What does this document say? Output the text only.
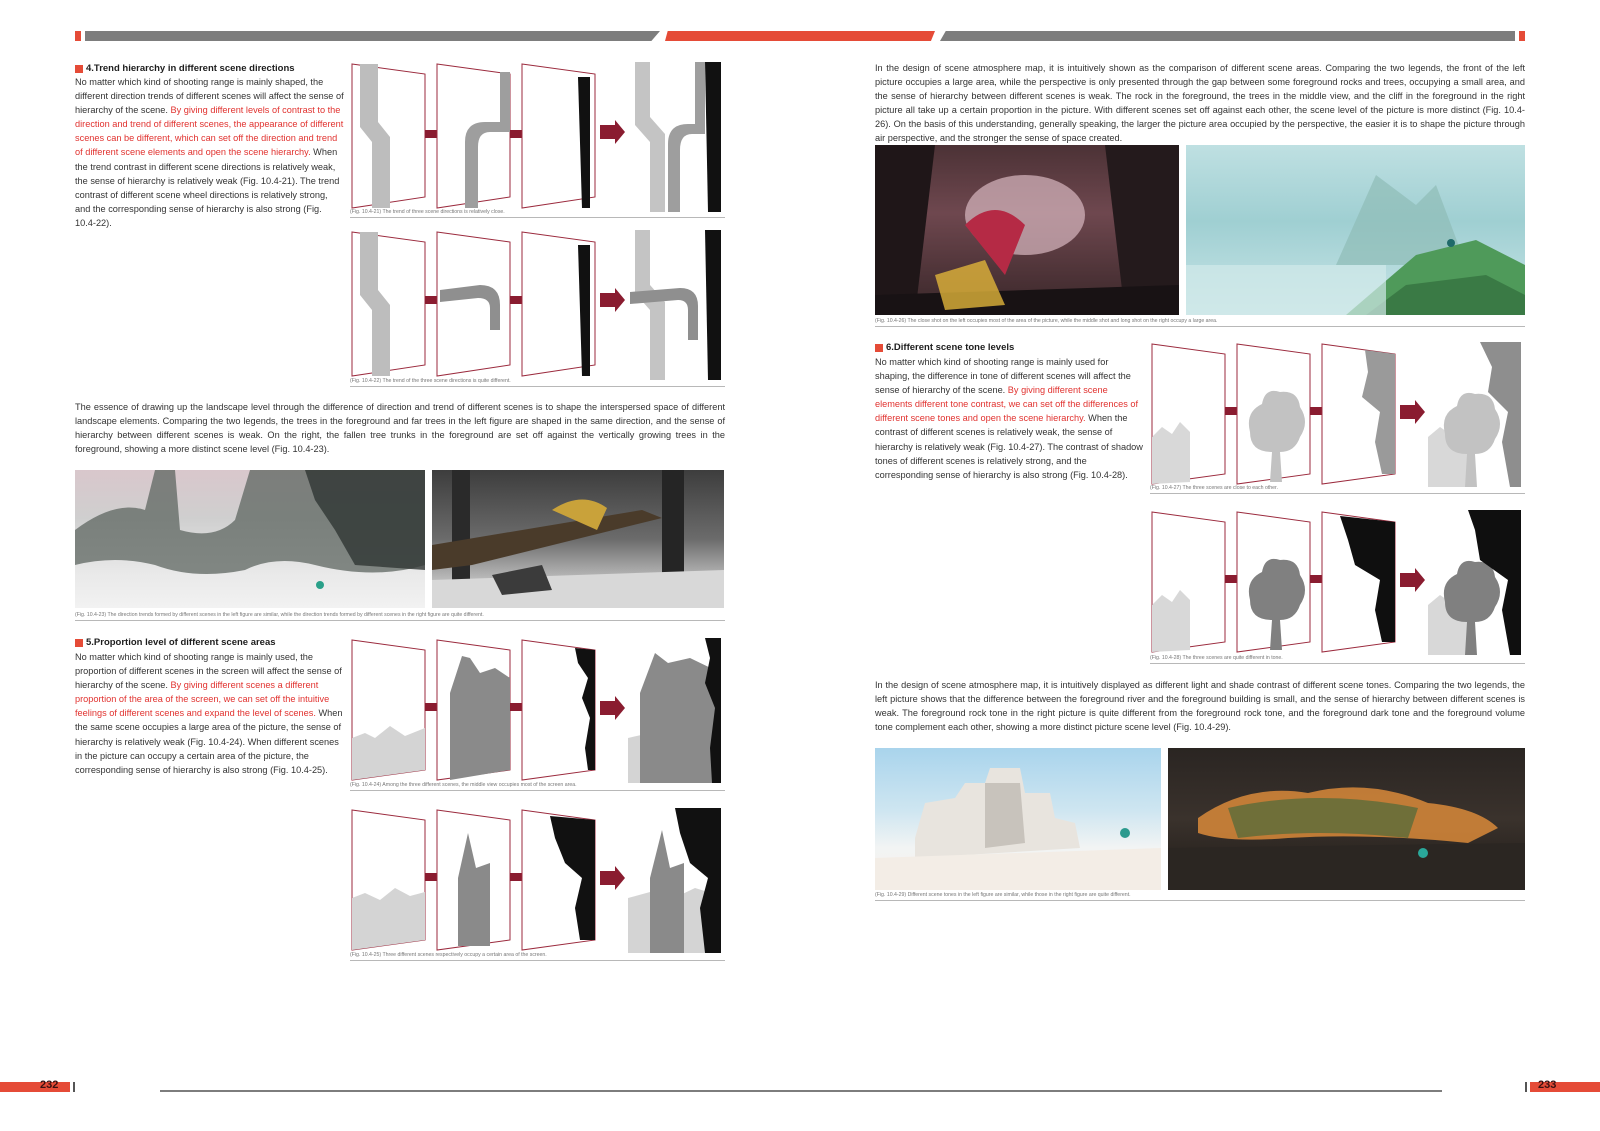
4.Trend hierarchy in different scene directions
No matter which kind of shooting range is mainly shaped, the different direction trends of different scenes will affect the sense of hierarchy of the scene. By giving different levels of contrast to the direction and trend of different scenes, the appearance of different scenes can be different, which can set off the direction and trend of different scene elements and open the scene hierarchy. When the trend contrast in different scene directions is relatively weak, the sense of hierarchy is relatively weak (Fig. 10.4-21). The trend contrast of different scene wheel directions is relatively strong, and the corresponding sense of hierarchy is also strong (Fig. 10.4-22).
(Fig. 10.4-21) The trend of three scene directions is relatively close.
(Fig. 10.4-22) The trend of the three scene directions is quite different.
The essence of drawing up the landscape level through the difference of direction and trend of different scenes is to shape the interspersed space of different landscape elements. Comparing the two legends, the trees in the foreground and far trees in the left figure are shaped in the same direction, and the sense of hierarchy between different scenes is weak. On the right, the fallen tree trunks in the foreground are set off against the vertically growing trees in the foreground, showing a more distinct scene level (Fig. 10.4-23).
(Fig. 10.4-23) The direction trends formed by different scenes in the left figure are similar, while the direction trends formed by different scenes in the right figure are quite different.
5.Proportion level of different scene areas
No matter which kind of shooting range is mainly used, the proportion of different scenes in the screen will affect the sense of hierarchy of the scene. By giving different scenes a different proportion of the area of the screen, we can set off the intuitive feelings of different scenes and expand the level of scenes. When the same scene occupies a large area of the picture, the sense of hierarchy is relatively weak (Fig. 10.4-24). When different scenes in the picture can occupy a certain area of the picture, the corresponding sense of hierarchy is also strong (Fig. 10.4-25).
(Fig. 10.4-24) Among the three different scenes, the middle view occupies most of the screen area.
(Fig. 10.4-25) Three different scenes respectively occupy a certain area of the screen.
In the design of scene atmosphere map, it is intuitively shown as the comparison of different scene areas. Comparing the two legends, the front of the left picture occupies a large area, while the perspective is only presented through the gap between some foreground rocks and trees, occupying a small area, and the sense of hierarchy between different scenes is weak. The rock in the foreground, the trees in the middle view, and the cliff in the foreground in the right picture all take up a certain proportion in the picture. With different scenes set off against each other, the scene level of the picture is more distinct (Fig. 10.4-26). On the basis of this understanding, generally speaking, the larger the picture area occupied by the perspective, the easier it is to shape the picture through air perspective, and the stronger the sense of space created.
(Fig. 10.4-26) The close shot on the left occupies most of the area of the picture, while the middle shot and long shot on the right occupy a large area.
6.Different scene tone levels
No matter which kind of shooting range is mainly used for shaping, the difference in tone of different scenes will affect the sense of hierarchy of the scene. By giving different scene elements different tone contrast, we can set off the differences of different scene tones and open the scene hierarchy. When the contrast of different scenes is relatively weak, the sense of hierarchy is relatively weak (Fig. 10.4-27). The contrast of shadow tones of different scenes is relatively strong, and the corresponding sense of hierarchy is also strong (Fig. 10.4-28).
(Fig. 10.4-27) The three scenes are close to each other.
(Fig. 10.4-28) The three scenes are quite different in tone.
In the design of scene atmosphere map, it is intuitively displayed as different light and shade contrast of different scene tones. Comparing the two legends, the left picture shows that the difference between the foreground river and the foreground building is small, and the sense of hierarchy between different scenes is weak. The foreground rock tone in the right picture is quite different from the foreground rock tone, and the foreground dark tone and the foreground volume tone complement each other, showing a more distinct picture scene level (Fig. 10.4-29).
(Fig. 10.4-29) Different scene tones in the left figure are similar, while those in the right figure are quite different.
232	233
